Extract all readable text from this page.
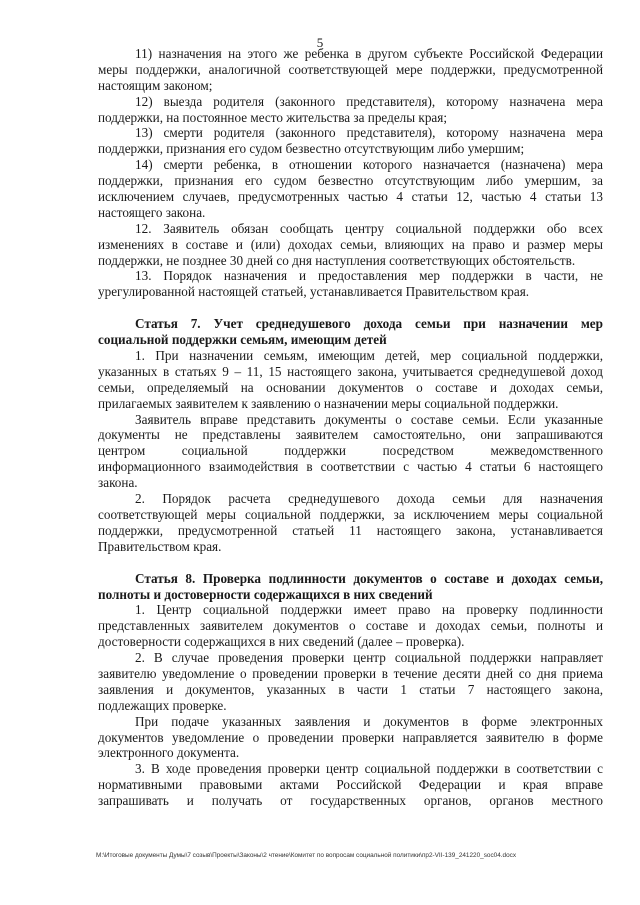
5
11) назначения на этого же ребенка в другом субъекте Российской Федерации
меры поддержки, аналогичной соответствующей мере поддержки, предусмотренной
настоящим законом;
12) выезда родителя (законного представителя), которому назначена мера
поддержки, на постоянное место жительства за пределы края;
13) смерти родителя (законного представителя), которому назначена мера
поддержки, признания его судом безвестно отсутствующим либо умершим;
14) смерти ребенка, в отношении которого назначается (назначена) мера
поддержки, признания его судом безвестно отсутствующим либо умершим, за
исключением случаев, предусмотренных частью 4 статьи 12, частью 4 статьи 13
настоящего закона.
12. Заявитель обязан сообщать центру социальной поддержки обо всех
изменениях в составе и (или) доходах семьи, влияющих на право и размер меры
поддержки, не позднее 30 дней со дня наступления соответствующих обстоятельств.
13. Порядок назначения и предоставления мер поддержки в части, не
урегулированной настоящей статьей, устанавливается Правительством края.
Статья 7. Учет среднедушевого дохода семьи при назначении мер
социальной поддержки семьям, имеющим детей
1. При назначении семьям, имеющим детей, мер социальной поддержки,
указанных в статьях 9 – 11, 15 настоящего закона, учитывается среднедушевой доход
семьи, определяемый на основании документов о составе и доходах семьи,
прилагаемых заявителем к заявлению о назначении меры социальной поддержки.
Заявитель вправе представить документы о составе семьи. Если указанные
документы не представлены заявителем самостоятельно, они запрашиваются
центром социальной поддержки посредством межведомственного
информационного взаимодействия в соответствии с частью 4 статьи 6 настоящего
закона.
2. Порядок расчета среднедушевого дохода семьи для назначения
соответствующей меры социальной поддержки, за исключением меры социальной
поддержки, предусмотренной статьей 11 настоящего закона, устанавливается
Правительством края.
Статья 8. Проверка подлинности документов о составе и доходах семьи,
полноты и достоверности содержащихся в них сведений
1. Центр социальной поддержки имеет право на проверку подлинности
представленных заявителем документов о составе и доходах семьи, полноты и
достоверности содержащихся в них сведений (далее – проверка).
2. В случае проведения проверки центр социальной поддержки направляет
заявителю уведомление о проведении проверки в течение десяти дней со дня приема
заявления и документов, указанных в части 1 статьи 7 настоящего закона,
подлежащих проверке.
При подаче указанных заявления и документов в форме электронных
документов уведомление о проведении проверки направляется заявителю в форме
электронного документа.
3. В ходе проведения проверки центр социальной поддержки в соответствии с
нормативными правовыми актами Российской Федерации и края вправе
запрашивать и получать от государственных органов, органов местного
M:\Итоговые документы Думы\7 созыв\Проекты\Законы\2 чтение\Комитет по вопросам социальной политики\пр2-VII-139_241220_soc04.docx
